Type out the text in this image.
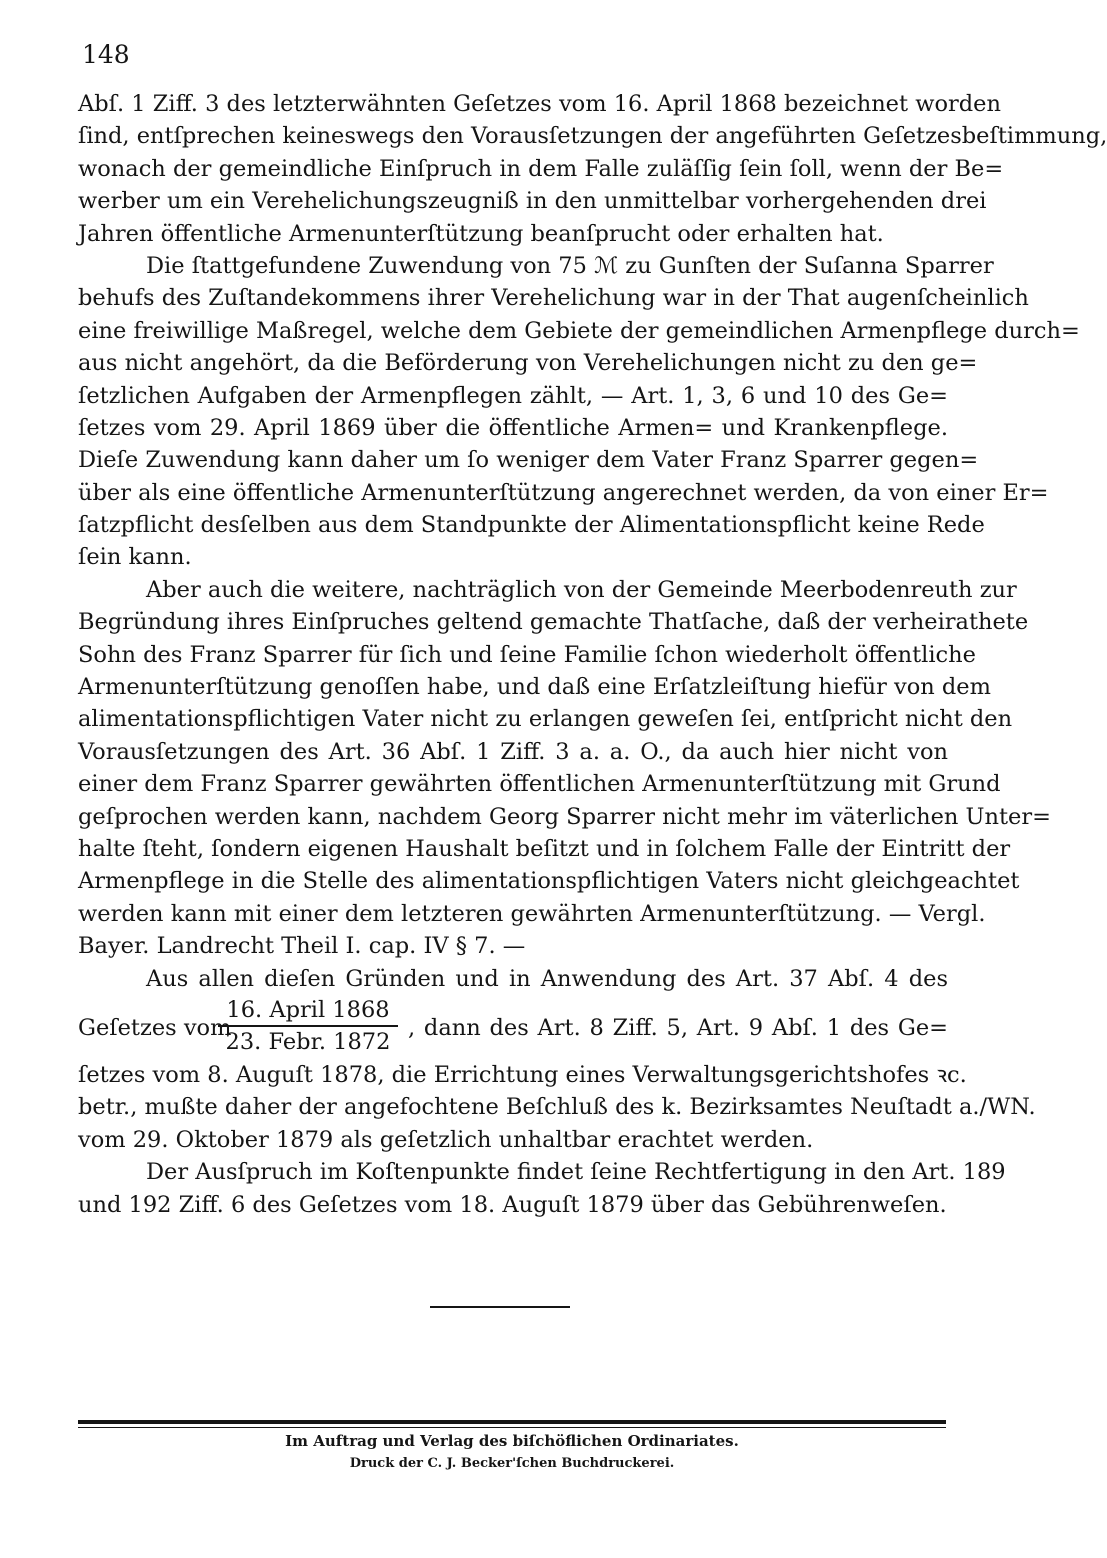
148
Abſ. 1 Ziff. 3 des letzterwähnten Geſetzes vom 16. April 1868 bezeichnet worden
ſind, entſprechen keineswegs den Vorausſetzungen der angeführten Geſetzesbeſtimmung,
wonach der gemeindliche Einſpruch in dem Falle zuläſſig ſein ſoll, wenn der Be=
werber um ein Verehelichungszeugniß in den unmittelbar vorhergehenden drei
Jahren öffentliche Armenunterſtützung beanſprucht oder erhalten hat.
Die ſtattgefundene Zuwendung von 75 ℳ zu Gunſten der Suſanna Sparrer
behufs des Zuſtandekommens ihrer Verehelichung war in der That augenſcheinlich
eine freiwillige Maßregel, welche dem Gebiete der gemeindlichen Armenpflege durch=
aus nicht angehört, da die Beförderung von Verehelichungen nicht zu den ge=
ſetzlichen Aufgaben der Armenpflegen zählt, — Art. 1, 3, 6 und 10 des Ge=
ſetzes vom 29. April 1869 über die öffentliche Armen= und Krankenpflege.
Dieſe Zuwendung kann daher um ſo weniger dem Vater Franz Sparrer gegen=
über als eine öffentliche Armenunterſtützung angerechnet werden, da von einer Er=
ſatzpflicht desſelben aus dem Standpunkte der Alimentationspflicht keine Rede
ſein kann.
Aber auch die weitere, nachträglich von der Gemeinde Meerbodenreuth zur
Begründung ihres Einſpruches geltend gemachte Thatſache, daß der verheirathete
Sohn des Franz Sparrer für ſich und ſeine Familie ſchon wiederholt öffentliche
Armenunterſtützung genoſſen habe, und daß eine Erſatzleiſtung hiefür von dem
alimentationspflichtigen Vater nicht zu erlangen geweſen ſei, entſpricht nicht den
Vorausſetzungen des Art. 36 Abſ. 1 Ziff. 3 a. a. O., da auch hier nicht von
einer dem Franz Sparrer gewährten öffentlichen Armenunterſtützung mit Grund
geſprochen werden kann, nachdem Georg Sparrer nicht mehr im väterlichen Unter=
halte ſteht, ſondern eigenen Haushalt beſitzt und in ſolchem Falle der Eintritt der
Armenpflege in die Stelle des alimentationspflichtigen Vaters nicht gleichgeachtet
werden kann mit einer dem letzteren gewährten Armenunterſtützung. — Vergl.
Bayer. Landrecht Theil I. cap. IV § 7. —
Aus allen dieſen Gründen und in Anwendung des Art. 37 Abſ. 4 des
Geſetzes vom
16. April 1868
23. Febr. 1872
, dann des Art. 8 Ziff. 5, Art. 9 Abſ. 1 des Ge=
ſetzes vom 8. Auguſt 1878, die Errichtung eines Verwaltungsgerichtshofes ꝛc.
betr., mußte daher der angefochtene Beſchluß des k. Bezirksamtes Neuſtadt a./WN.
vom 29. Oktober 1879 als geſetzlich unhaltbar erachtet werden.
Der Ausſpruch im Koſtenpunkte findet ſeine Rechtfertigung in den Art. 189
und 192 Ziff. 6 des Geſetzes vom 18. Auguſt 1879 über das Gebührenweſen.
Im Auftrag und Verlag des biſchöflichen Ordinariates.
Druck der C. J. Becker'ſchen Buchdruckerei.
